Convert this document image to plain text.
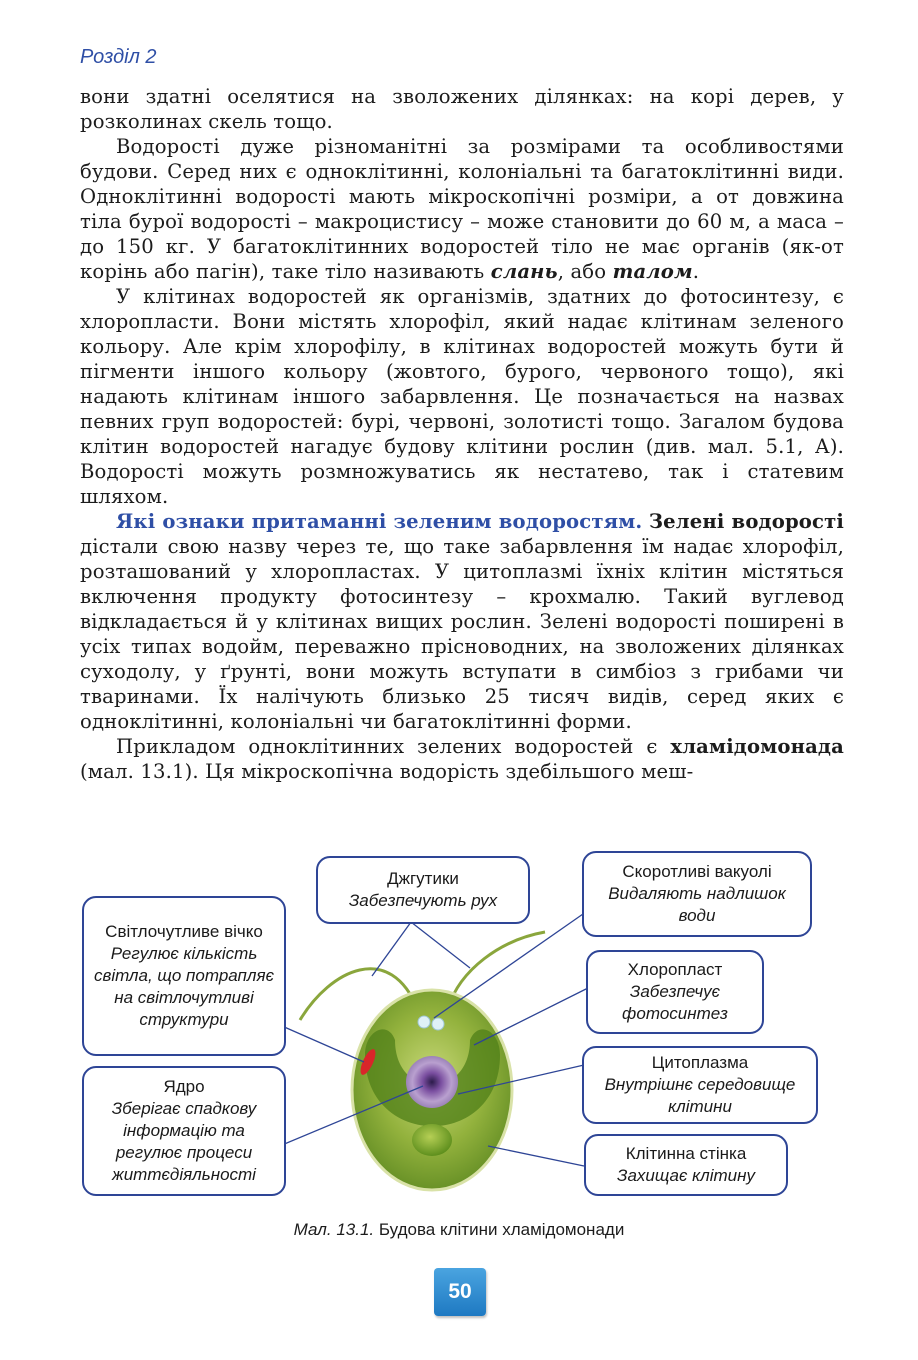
Розділ 2

вони здатні оселятися на зволожених ділянках: на корі дерев, у розколинах скель тощо.

Водорості дуже різноманітні за розмірами та особливостями будови. Серед них є одноклітинні, колоніальні та багатоклітинні види. Одноклітинні водорості мають мікроскопічні розміри, а от довжина тіла бурої водорості – макроцистису – може становити до 60 м, а маса – до 150 кг. У багатоклітинних водоростей тіло не має органів (як-от корінь або пагін), таке тіло називають слань, або талом.

У клітинах водоростей як організмів, здатних до фотосинтезу, є хлоропласти. Вони містять хлорофіл, який надає клітинам зеленого кольору. Але крім хлорофілу, в клітинах водоростей можуть бути й пігменти іншого кольору (жовтого, бурого, червоного тощо), які надають клітинам іншого забарвлення. Це позначається на назвах певних груп водоростей: бурі, червоні, золотисті тощо. Загалом будова клітин водоростей нагадує будову клітини рослин (див. мал. 5.1, А). Водорості можуть розмножуватись як нестатево, так і статевим шляхом.

Які ознаки притаманні зеленим водоростям. Зелені водорості дістали свою назву через те, що таке забарвлення їм надає хлорофіл, розташований у хлоропластах. У цитоплазмі їхніх клітин містяться включення продукту фотосинтезу – крохмалю. Такий вуглевод відкладається й у клітинах вищих рослин. Зелені водорості поширені в усіх типах водойм, переважно прісноводних, на зволожених ділянках суходолу, у ґрунті, вони можуть вступати в симбіоз з грибами чи тваринами. Їх налічують близько 25 тисяч видів, серед яких є одноклітинні, колоніальні чи багатоклітинні форми.

Прикладом одноклітинних зелених водоростей є хламідомонада (мал. 13.1). Ця мікроскопічна водорість здебільшого меш-

Джгутики
Забезпечують рух
Світлочутливе вічко
Регулює кількість світла, що потрапляє на світлочутливі структури
Ядро
Зберігає спадкову інформацію та регулює процеси життєдіяльності
Скоротливі вакуолі
Видаляють надлишок води
Хлоропласт
Забезпечує фотосинтез
Цитоплазма
Внутрішнє середовище клітини
Клітинна стінка
Захищає клітину
Мал. 13.1. Будова клітини хламідомонади
50
